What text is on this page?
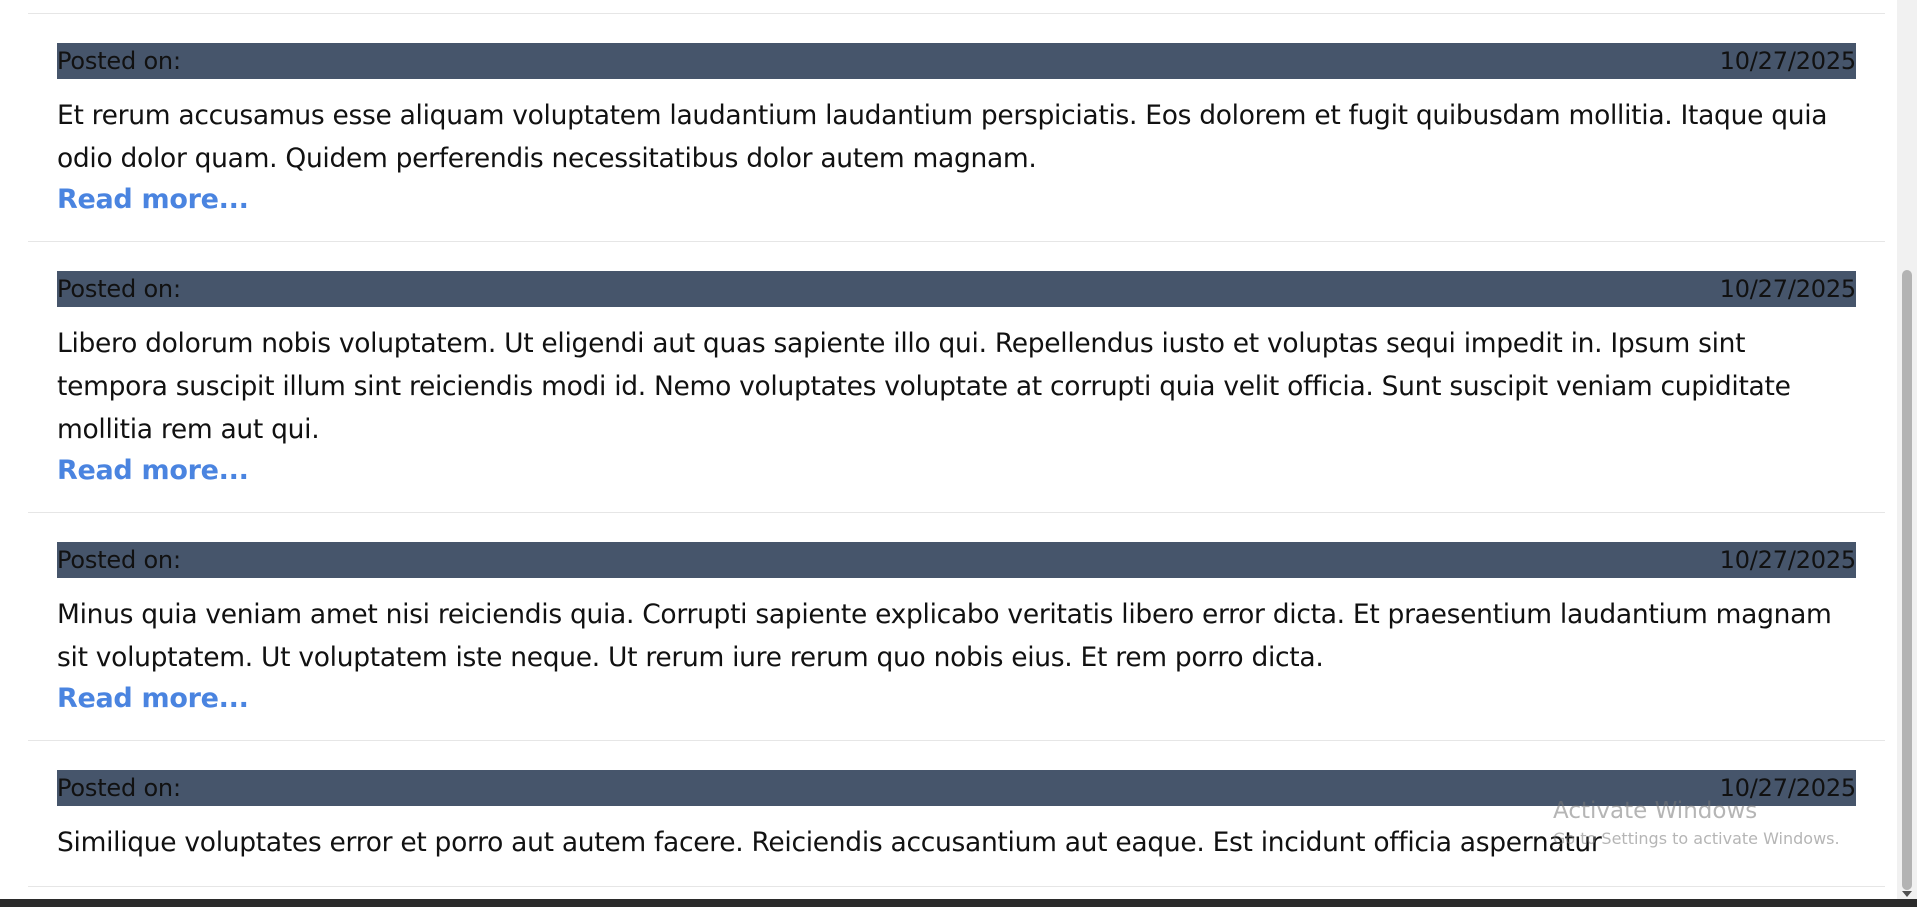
Posted on:	10/27/2025

Et rerum accusamus esse aliquam voluptatem laudantium laudantium perspiciatis. Eos dolorem et fugit quibusdam mollitia. Itaque quia odio dolor quam. Quidem perferendis necessitatibus dolor autem magnam.

Read more...
Posted on:	10/27/2025

Libero dolorum nobis voluptatem. Ut eligendi aut quas sapiente illo qui. Repellendus iusto et voluptas sequi impedit in. Ipsum sint tempora suscipit illum sint reiciendis modi id. Nemo voluptates voluptate at corrupti quia velit officia. Sunt suscipit veniam cupiditate mollitia rem aut qui.

Read more...
Posted on:	10/27/2025

Minus quia veniam amet nisi reiciendis quia. Corrupti sapiente explicabo veritatis libero error dicta. Et praesentium laudantium magnam sit voluptatem. Ut voluptatem iste neque. Ut rerum iure rerum quo nobis eius. Et rem porro dicta.

Read more...
Posted on:	10/27/2025

Similique voluptates error et porro aut autem facere. Reiciendis accusantium aut eaque. Est incidunt officia aspernatur

Activate Windows
Go to Settings to activate Windows.
